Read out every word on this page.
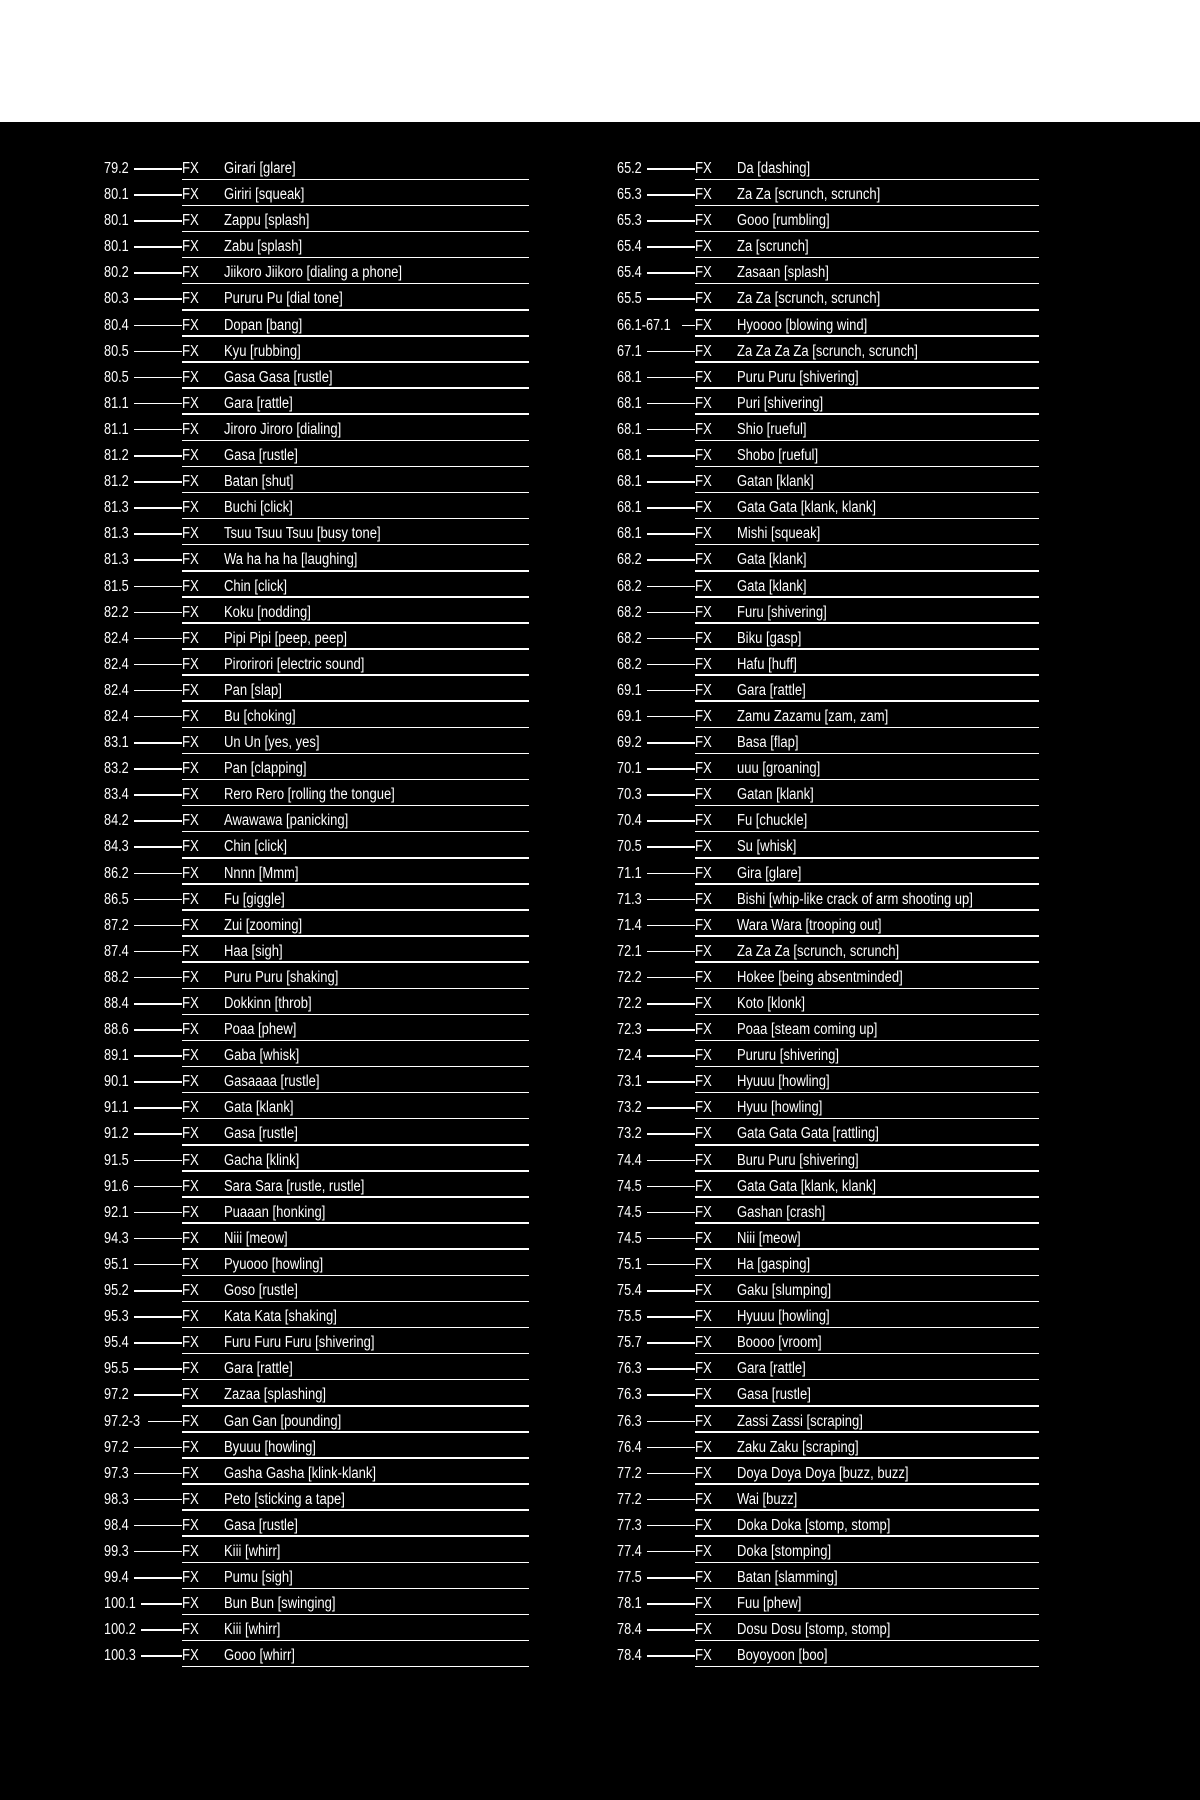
79.2	FX Girari [glare]
80.1	FX Giriri [squeak]
80.1	FX Zappu [splash]
80.1	FX Zabu [splash]
80.2	FX Jiikoro Jiikoro [dialing a phone]
80.3	FX Pururu Pu [dial tone]
80.4	FX Dopan [bang]
80.5	FX Kyu [rubbing]
80.5	FX Gasa Gasa [rustle]
81.1	FX Gara [rattle]
81.1	FX Jiroro Jiroro [dialing]
81.2	FX Gasa [rustle]
81.2	FX Batan [shut]
81.3	FX Buchi [click]
81.3	FX Tsuu Tsuu Tsuu [busy tone]
81.3	FX Wa ha ha ha [laughing]
81.5	FX Chin [click]
82.2	FX Koku [nodding]
82.4	FX Pipi Pipi [peep, peep]
82.4	FX Pirorirori [electric sound]
82.4	FX Pan [slap]
82.4	FX Bu [choking]
83.1	FX Un Un [yes, yes]
83.2	FX Pan [clapping]
83.4	FX Rero Rero [rolling the tongue]
84.2	FX Awawawa [panicking]
84.3	FX Chin [click]
86.2	FX Nnnn [Mmm]
86.5	FX Fu [giggle]
87.2	FX Zui [zooming]
87.4	FX Haa [sigh]
88.2	FX Puru Puru [shaking]
88.4	FX Dokkinn [throb]
88.6	FX Poaa [phew]
89.1	FX Gaba [whisk]
90.1	FX Gasaaaa [rustle]
91.1	FX Gata [klank]
91.2	FX Gasa [rustle]
91.5	FX Gacha [klink]
91.6	FX Sara Sara [rustle, rustle]
92.1	FX Puaaan [honking]
94.3	FX Niii [meow]
95.1	FX Pyuooo [howling]
95.2	FX Goso [rustle]
95.3	FX Kata Kata [shaking]
95.4	FX Furu Furu Furu [shivering]
95.5	FX Gara [rattle]
97.2	FX Zazaa [splashing]
97.2-3	FX Gan Gan [pounding]
97.2	FX Byuuu [howling]
97.3	FX Gasha Gasha [klink-klank]
98.3	FX Peto [sticking a tape]
98.4	FX Gasa [rustle]
99.3	FX Kiii [whirr]
99.4	FX Pumu [sigh]
100.1	FX Bun Bun [swinging]
100.2	FX Kiii [whirr]
100.3	FX Gooo [whirr]
65.2	FX Da [dashing]
65.3	FX Za Za [scrunch, scrunch]
65.3	FX Gooo [rumbling]
65.4	FX Za [scrunch]
65.4	FX Zasaan [splash]
65.5	FX Za Za [scrunch, scrunch]
66.1-67.1 FX Hyoooo [blowing wind]
67.1	FX Za Za Za Za [scrunch, scrunch]
68.1	FX Puru Puru [shivering]
68.1	FX Puri [shivering]
68.1	FX Shio [rueful]
68.1	FX Shobo [rueful]
68.1	FX Gatan [klank]
68.1	FX Gata Gata [klank, klank]
68.1	FX Mishi [squeak]
68.2	FX Gata [klank]
68.2	FX Gata [klank]
68.2	FX Furu [shivering]
68.2	FX Biku [gasp]
68.2	FX Hafu [huff]
69.1	FX Gara [rattle]
69.1	FX Zamu Zazamu [zam, zam]
69.2	FX Basa [flap]
70.1	FX uuu [groaning]
70.3	FX Gatan [klank]
70.4	FX Fu [chuckle]
70.5	FX Su [whisk]
71.1	FX Gira [glare]
71.3	FX Bishi [whip-like crack of arm shooting up]
71.4	FX Wara Wara [trooping out]
72.1	FX Za Za Za [scrunch, scrunch]
72.2	FX Hokee [being absentminded]
72.2	FX Koto [klonk]
72.3	FX Poaa [steam coming up]
72.4	FX Pururu [shivering]
73.1	FX Hyuuu [howling]
73.2	FX Hyuu [howling]
73.2	FX Gata Gata Gata [rattling]
74.4	FX Buru Puru [shivering]
74.5	FX Gata Gata [klank, klank]
74.5	FX Gashan [crash]
74.5	FX Niii [meow]
75.1	FX Ha [gasping]
75.4	FX Gaku [slumping]
75.5	FX Hyuuu [howling]
75.7	FX Boooo [vroom]
76.3	FX Gara [rattle]
76.3	FX Gasa [rustle]
76.3	FX Zassi Zassi [scraping]
76.4	FX Zaku Zaku [scraping]
77.2	FX Doya Doya Doya [buzz, buzz]
77.2	FX Wai [buzz]
77.3	FX Doka Doka [stomp, stomp]
77.4	FX Doka [stomping]
77.5	FX Batan [slamming]
78.1	FX Fuu [phew]
78.4	FX Dosu Dosu [stomp, stomp]
78.4	FX Boyoyoon [boo]
